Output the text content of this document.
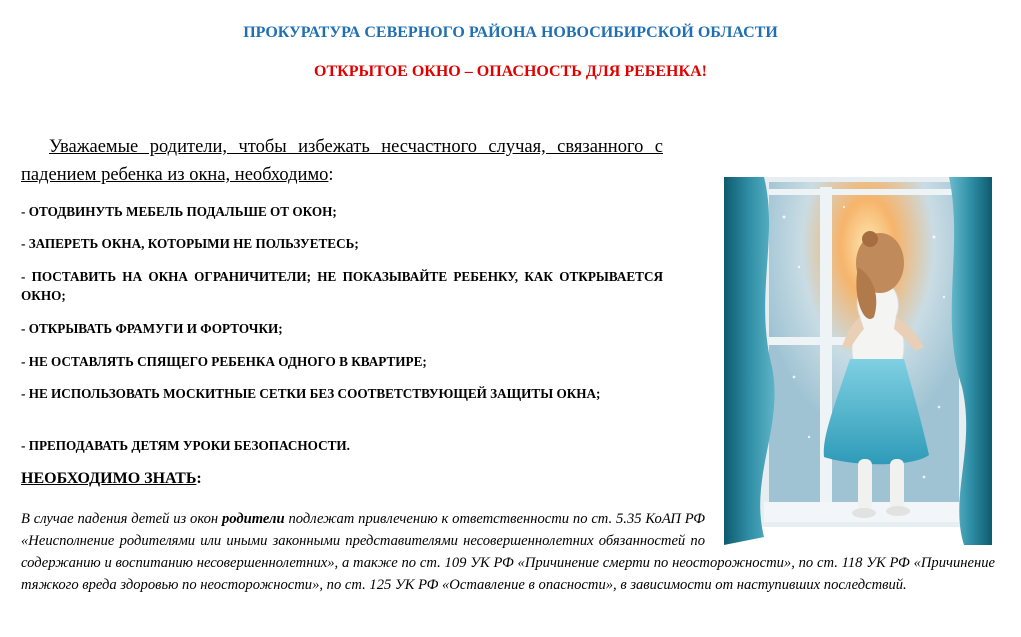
ПРОКУРАТУРА СЕВЕРНОГО РАЙОНА НОВОСИБИРСКОЙ ОБЛАСТИ
ОТКРЫТОЕ ОКНО – ОПАСНОСТЬ ДЛЯ РЕБЕНКА!
Уважаемые родители, чтобы избежать несчастного случая, связанного с падением ребенка из окна, необходимо:
- ОТОДВИНУТЬ МЕБЕЛЬ ПОДАЛЬШЕ ОТ ОКОН;
- ЗАПЕРЕТЬ ОКНА, КОТОРЫМИ НЕ ПОЛЬЗУЕТЕСЬ;
- ПОСТАВИТЬ НА ОКНА ОГРАНИЧИТЕЛИ; НЕ ПОКАЗЫВАЙТЕ РЕБЕНКУ, КАК ОТКРЫВАЕТСЯ ОКНО;
- ОТКРЫВАТЬ ФРАМУГИ И ФОРТОЧКИ;
- НЕ ОСТАВЛЯТЬ СПЯЩЕГО РЕБЕНКА ОДНОГО В КВАРТИРЕ;
- НЕ ИСПОЛЬЗОВАТЬ МОСКИТНЫЕ СЕТКИ БЕЗ СООТВЕТСТВУЮЩЕЙ ЗАЩИТЫ ОКНА;
- ПРЕПОДАВАТЬ ДЕТЯМ УРОКИ БЕЗОПАСНОСТИ.
НЕОБХОДИМО ЗНАТЬ:
В случае падения детей из окон родители подлежат привлечению к ответственности по ст. 5.35 КоАП РФ «Неисполнение родителями или иными законными представителями несовершеннолетних обязанностей по содержанию и воспитанию несовершеннолетних», а также по ст. 109 УК РФ «Причинение смерти по неосторожности», по ст. 118 УК РФ «Причинение тяжкого вреда здоровью по неосторожности», по ст. 125 УК РФ «Оставление в опасности», в зависимости от наступивших последствий.
